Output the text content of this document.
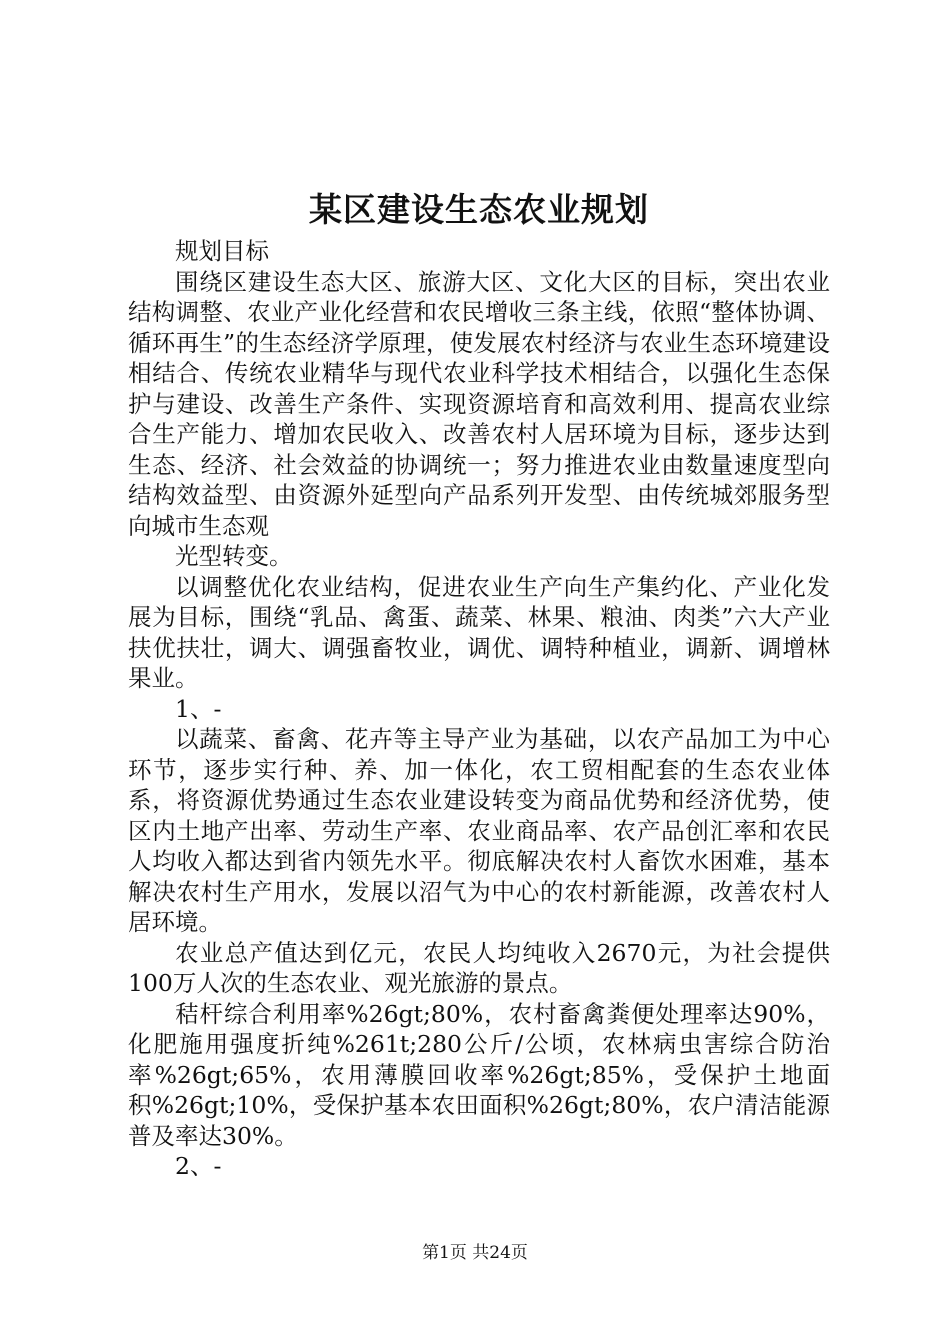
某区建设生态农业规划

规划目标

围绕区建设生态大区、旅游大区、文化大区的目标，突出农业结构调整、农业产业化经营和农民增收三条主线，依照“整体协调、循环再生”的生态经济学原理，使发展农村经济与农业生态环境建设相结合、传统农业精华与现代农业科学技术相结合，以强化生态保护与建设、改善生产条件、实现资源培育和高效利用、提高农业综合生产能力、增加农民收入、改善农村人居环境为目标，逐步达到生态、经济、社会效益的协调统一；努力推进农业由数量速度型向结构效益型、由资源外延型向产品系列开发型、由传统城郊服务型向城市生态观

光型转变。

以调整优化农业结构，促进农业生产向生产集约化、产业化发展为目标，围绕“乳品、禽蛋、蔬菜、林果、粮油、肉类”六大产业扶优扶壮，调大、调强畜牧业，调优、调特种植业，调新、调增林果业。

1、-

以蔬菜、畜禽、花卉等主导产业为基础，以农产品加工为中心环节，逐步实行种、养、加一体化，农工贸相配套的生态农业体系，将资源优势通过生态农业建设转变为商品优势和经济优势，使区内土地产出率、劳动生产率、农业商品率、农产品创汇率和农民人均收入都达到省内领先水平。彻底解决农村人畜饮水困难，基本解决农村生产用水，发展以沼气为中心的农村新能源，改善农村人居环境。

农业总产值达到亿元，农民人均纯收入2670元，为社会提供100万人次的生态农业、观光旅游的景点。

秸杆综合利用率%26gt;80%，农村畜禽粪便处理率达90%，化肥施用强度折纯%261t;280公斤/公顷，农林病虫害综合防治率%26gt;65%，农用薄膜回收率%26gt;85%，受保护土地面积%26gt;10%，受保护基本农田面积%26gt;80%，农户清洁能源普及率达30%。

2、-

第1页 共24页
